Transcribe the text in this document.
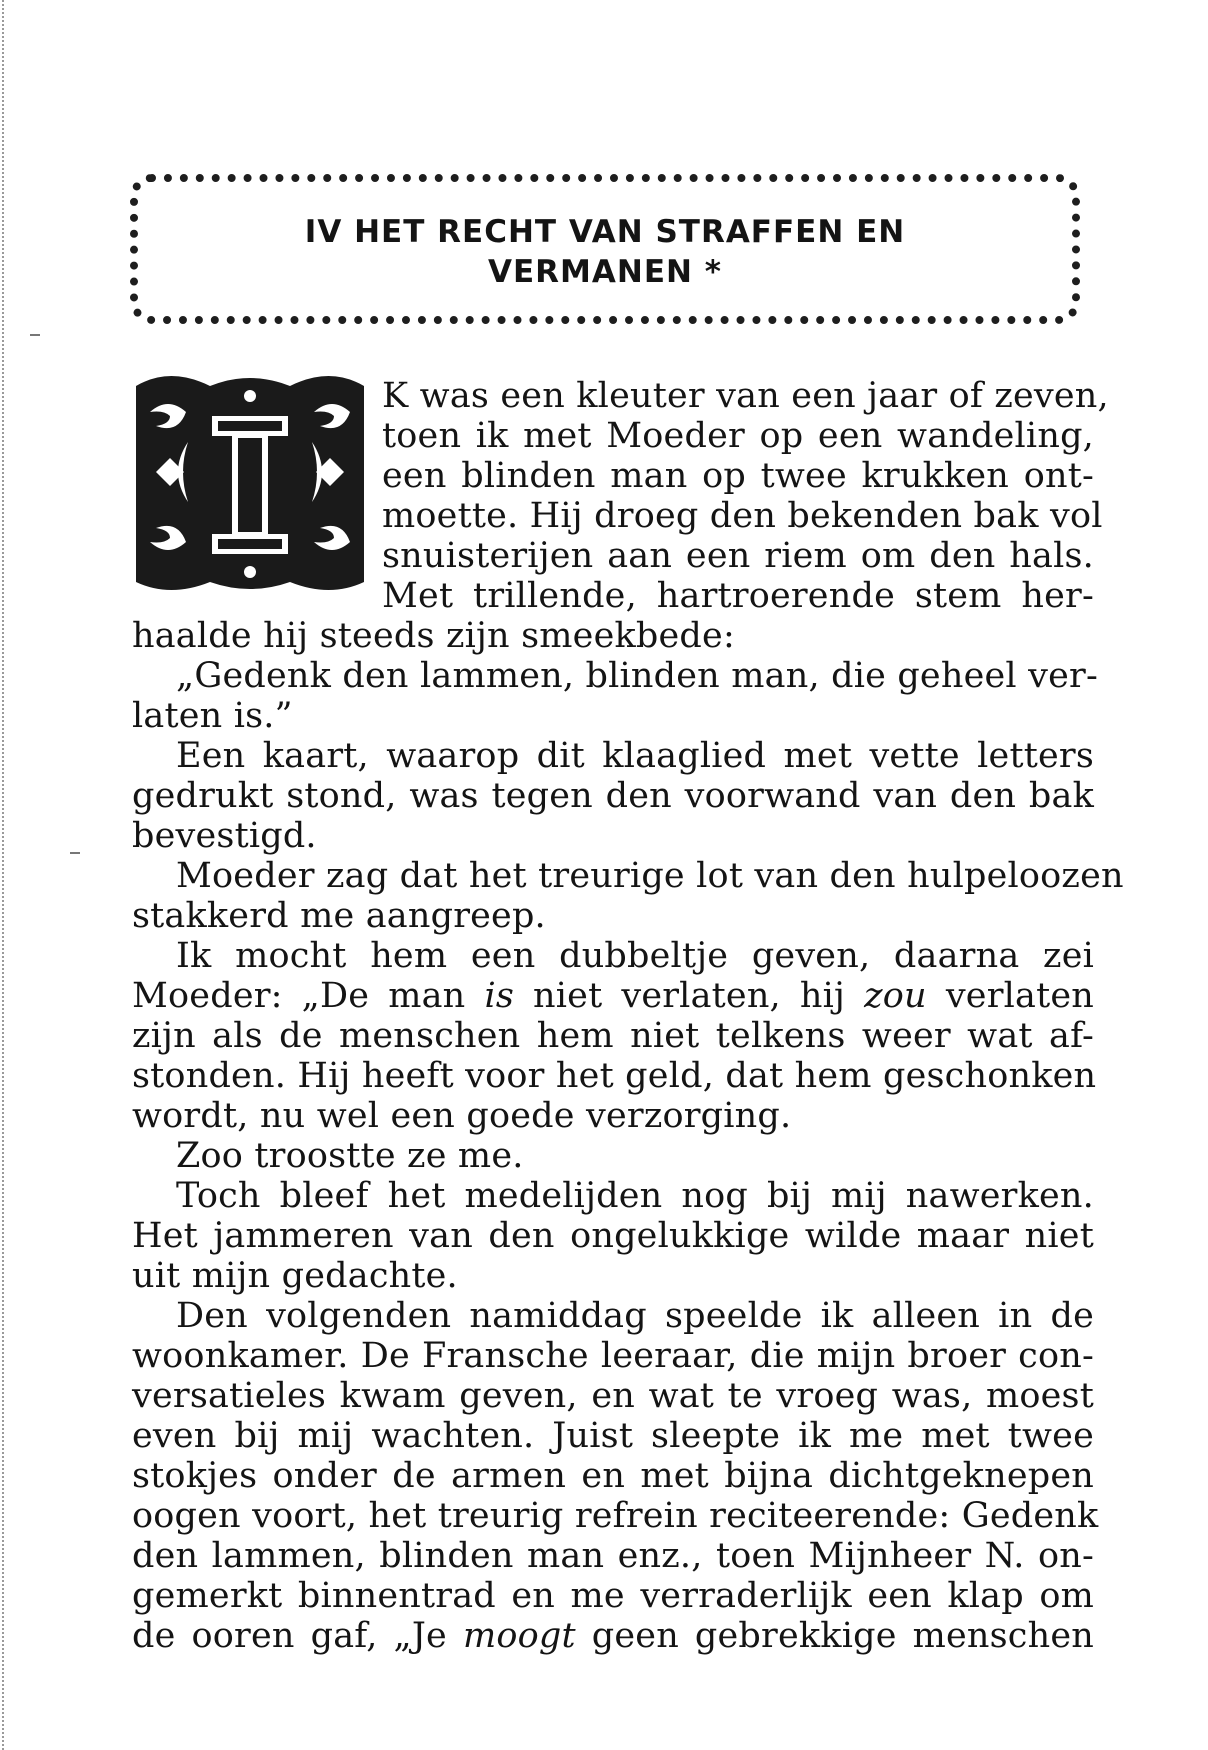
IV HET RECHT VAN STRAFFEN EN
VERMANEN *
K was een kleuter van een jaar of zeven,
toen ik met Moeder op een wandeling,
een blinden man op twee krukken ont-
moette. Hij droeg den bekenden bak vol
snuisterijen aan een riem om den hals.
Met trillende, hartroerende stem her-
haalde hij steeds zijn smeekbede:
„Gedenk den lammen, blinden man, die geheel ver-
laten is.”
Een kaart, waarop dit klaaglied met vette letters
gedrukt stond, was tegen den voorwand van den bak
bevestigd.
Moeder zag dat het treurige lot van den hulpeloozen
stakkerd me aangreep.
Ik mocht hem een dubbeltje geven, daarna zei
Moeder: „De man is niet verlaten, hij zou verlaten
zijn als de menschen hem niet telkens weer wat af-
stonden. Hij heeft voor het geld, dat hem geschonken
wordt, nu wel een goede verzorging.
Zoo troostte ze me.
Toch bleef het medelijden nog bij mij nawerken.
Het jammeren van den ongelukkige wilde maar niet
uit mijn gedachte.
Den volgenden namiddag speelde ik alleen in de
woonkamer. De Fransche leeraar, die mijn broer con-
versatieles kwam geven, en wat te vroeg was, moest
even bij mij wachten. Juist sleepte ik me met twee
stokjes onder de armen en met bijna dichtgeknepen
oogen voort, het treurig refrein reciteerende: Gedenk
den lammen, blinden man enz., toen Mijnheer N. on-
gemerkt binnentrad en me verraderlijk een klap om
de ooren gaf, „Je moogt geen gebrekkige menschen
